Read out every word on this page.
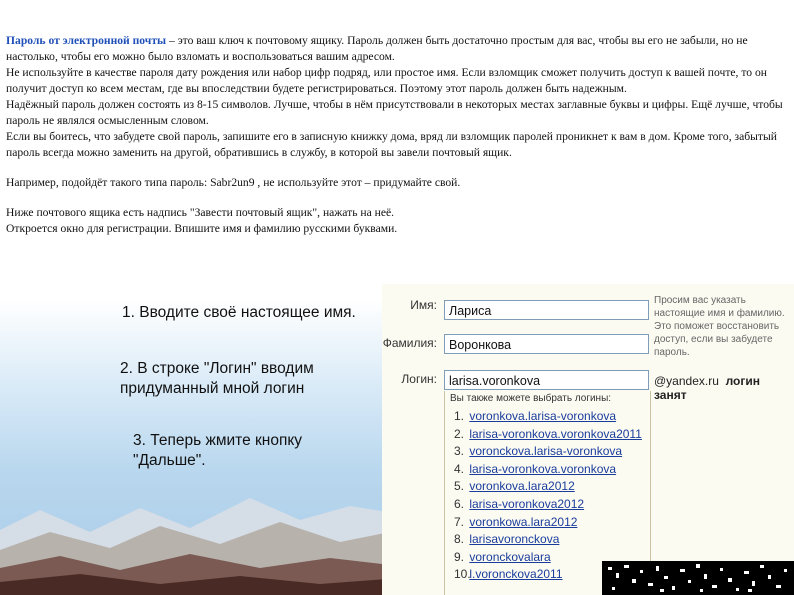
Пароль от электронной почты – это ваш ключ к почтовому ящику. Пароль должен быть достаточно простым для вас, чтобы вы его не забыли, но не настолько, чтобы его можно было взломать и воспользоваться вашим адресом.

Не используйте в качестве пароля дату рождения или набор цифр подряд, или простое имя. Если взломщик сможет получить доступ к вашей почте, то он получит доступ ко всем местам, где вы впоследствии будете регистрироваться. Поэтому этот пароль должен быть надежным.

Надёжный пароль должен состоять из 8-15 символов. Лучше, чтобы в нём присутствовали в некоторых местах заглавные буквы и цифры. Ещё лучше, чтобы пароль не являлся осмысленным словом.

Если вы боитесь, что забудете свой пароль, запишите его в записную книжку дома, вряд ли взломщик паролей проникнет к вам в дом. Кроме того, забытый пароль всегда можно заменить на другой, обратившись в службу, в которой вы завели почтовый ящик.

Например, подойдёт такого типа пароль: Sabr2un9 , не используйте этот – придумайте свой.

Ниже почтового ящика есть надпись "Завести почтовый ящик", нажать на неё.

Откроется окно для регистрации. Впишите имя и фамилию русскими буквами.

1. Вводите своё настоящее имя.
2. В строке "Логин" вводим придуманный мной логин
3. Теперь жмите кнопку "Дальше".
Имя: Лариса
Фамилия: Воронкова
Логин: larisa.voronkova
Просим вас указать настоящие имя и фамилию. Это поможет восстановить доступ, если вы забудете пароль.
@yandex.ru логин занят
Вы также можете выбрать логины:
1. voronkova.larisa-voronkova
2. larisa-voronkova.voronkova2011
3. voronckova.larisa-voronkova
4. larisa-voronkova.voronkova
5. voronkova.lara2012
6. larisa-voronkova2012
7. voronkowa.lara2012
8. larisavoronckova
9. voronckovalara
10. l.voronckova2011
